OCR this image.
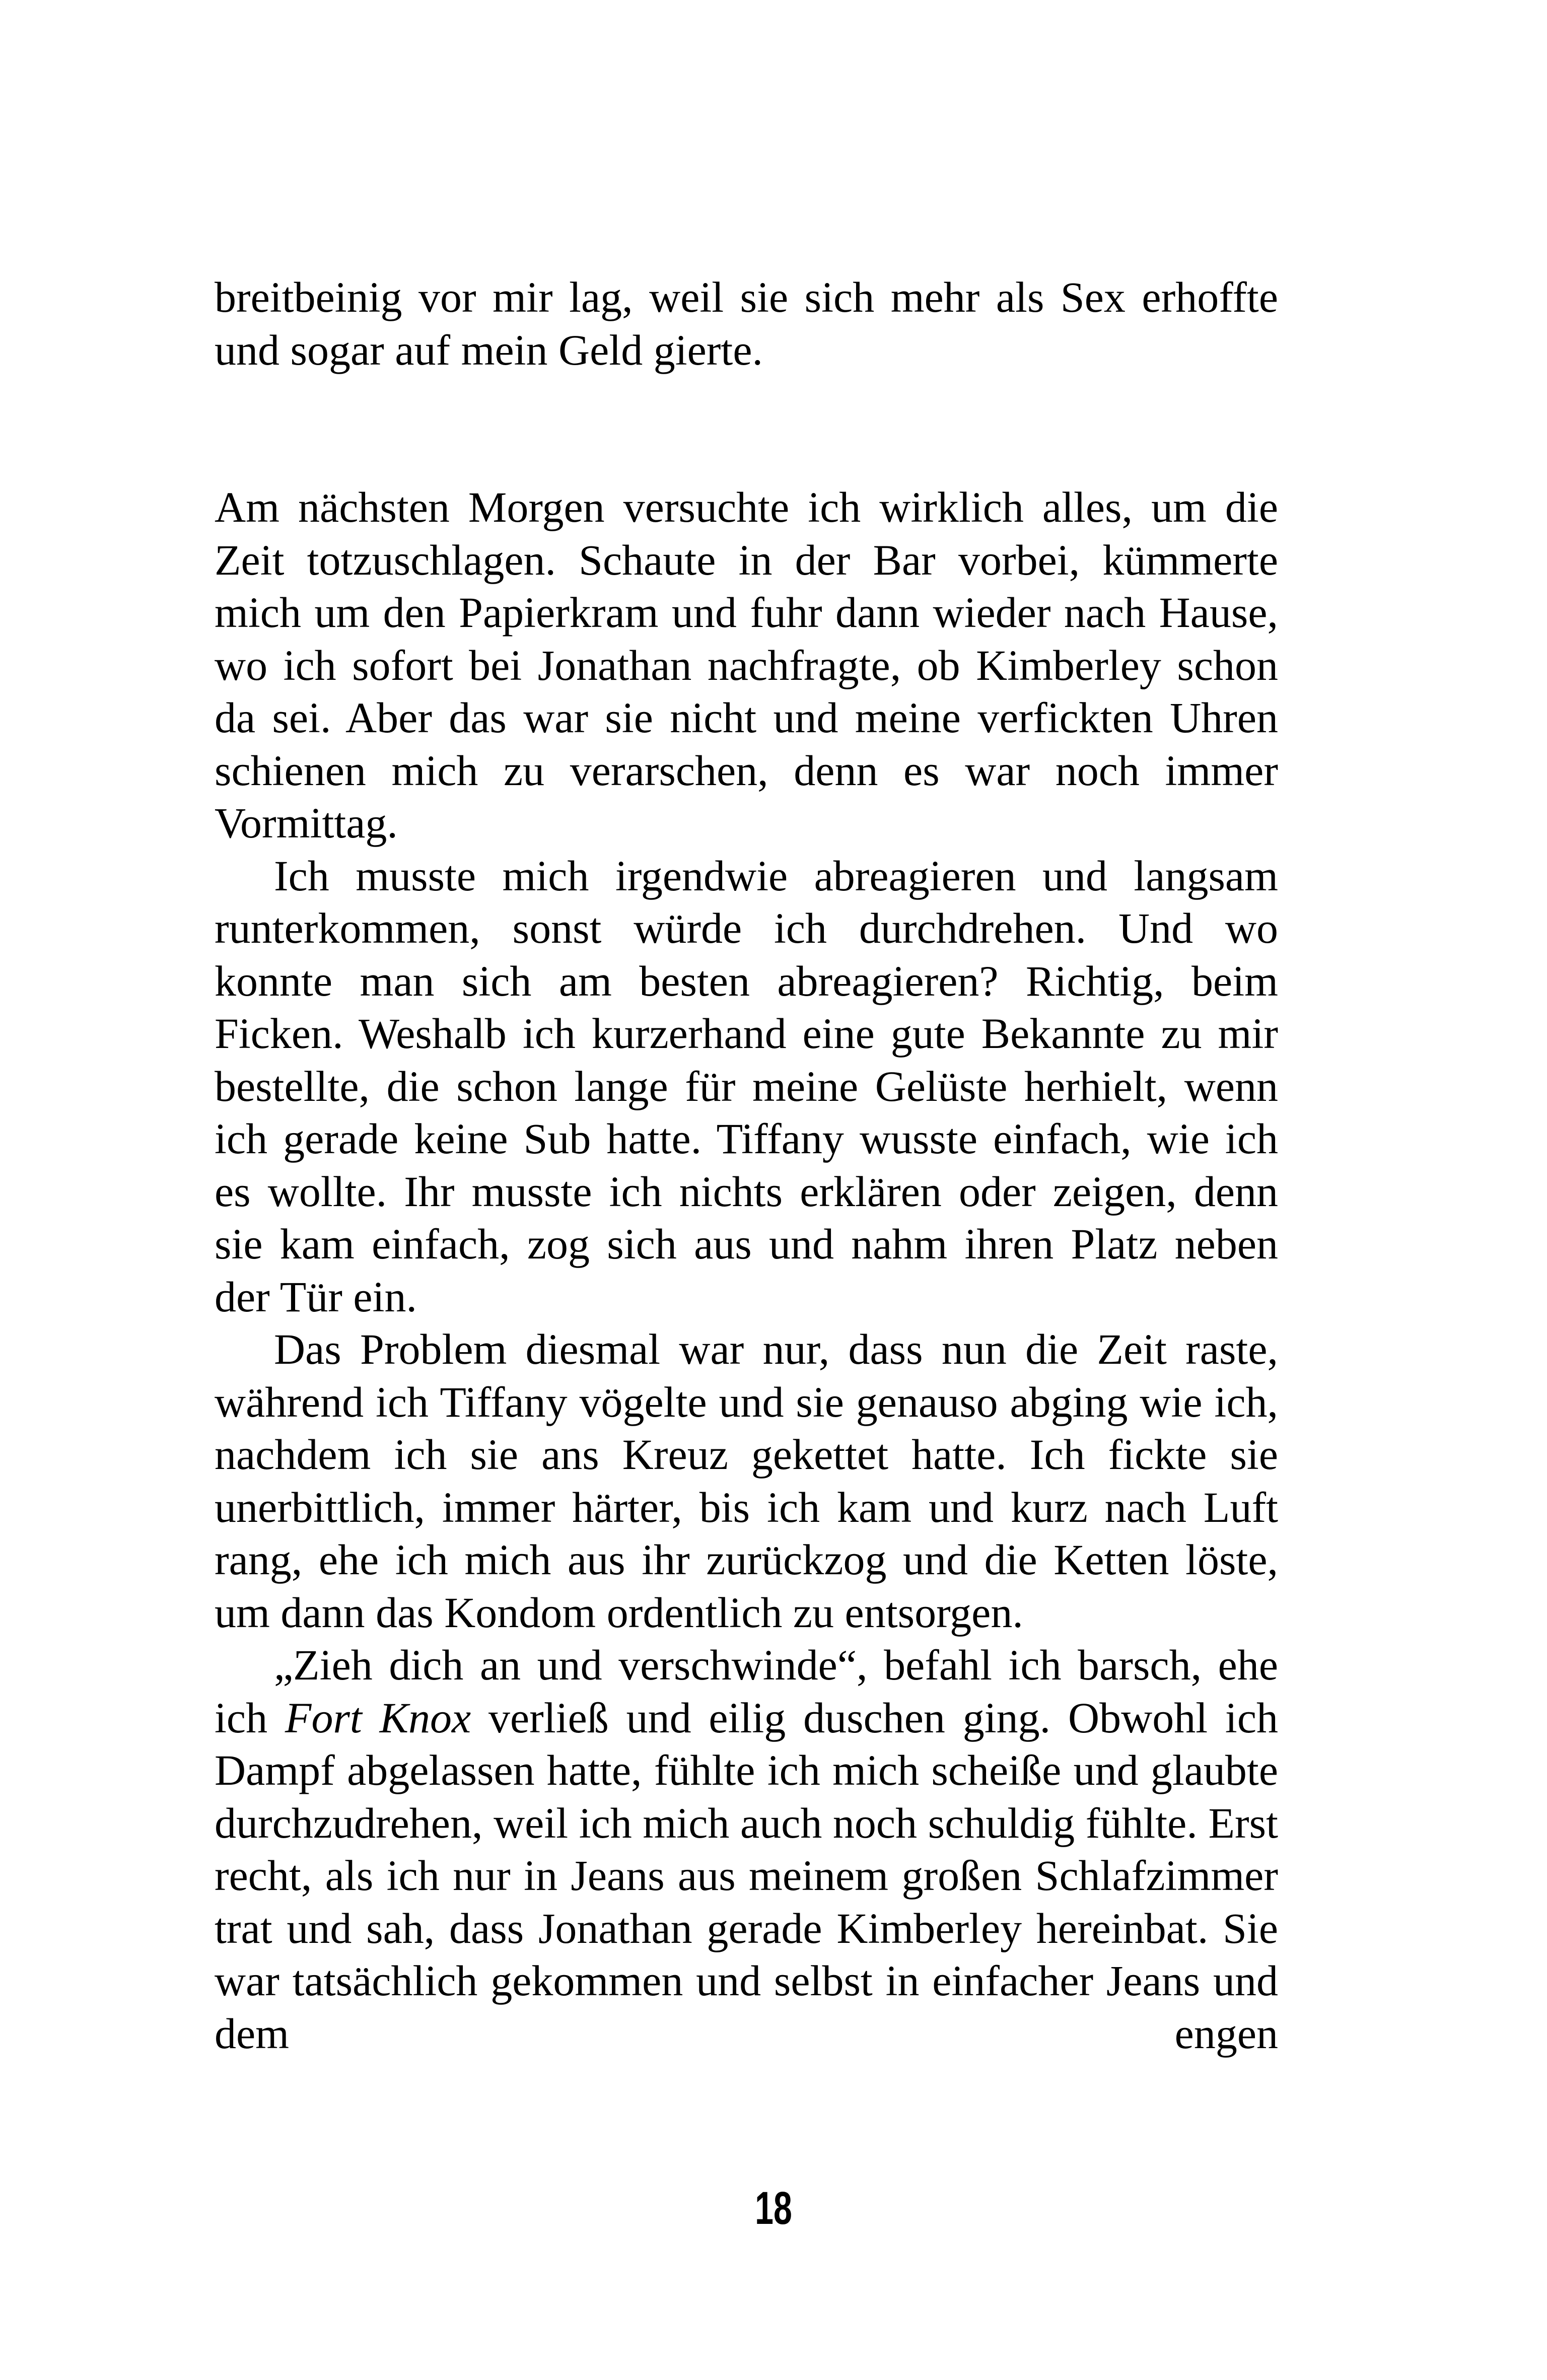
breitbeinig vor mir lag, weil sie sich mehr als Sex erhoffte und sogar auf mein Geld gierte.

Am nächsten Morgen versuchte ich wirklich alles, um die Zeit totzuschlagen. Schaute in der Bar vorbei, kümmerte mich um den Papierkram und fuhr dann wieder nach Hause, wo ich sofort bei Jonathan nachfragte, ob Kimberley schon da sei. Aber das war sie nicht und meine verfickten Uhren schienen mich zu verarschen, denn es war noch immer Vormittag.

Ich musste mich irgendwie abreagieren und langsam runterkommen, sonst würde ich durchdrehen. Und wo konnte man sich am besten abreagieren? Richtig, beim Ficken. Weshalb ich kurzerhand eine gute Bekannte zu mir bestellte, die schon lange für meine Gelüste herhielt, wenn ich gerade keine Sub hatte. Tiffany wusste einfach, wie ich es wollte. Ihr musste ich nichts erklären oder zeigen, denn sie kam einfach, zog sich aus und nahm ihren Platz neben der Tür ein.

Das Problem diesmal war nur, dass nun die Zeit raste, während ich Tiffany vögelte und sie genauso abging wie ich, nachdem ich sie ans Kreuz gekettet hatte. Ich fickte sie unerbittlich, immer härter, bis ich kam und kurz nach Luft rang, ehe ich mich aus ihr zurückzog und die Ketten löste, um dann das Kondom ordentlich zu entsorgen.

„Zieh dich an und verschwinde“, befahl ich barsch, ehe ich Fort Knox verließ und eilig duschen ging. Obwohl ich Dampf abgelassen hatte, fühlte ich mich scheiße und glaubte durchzudrehen, weil ich mich auch noch schuldig fühlte. Erst recht, als ich nur in Jeans aus meinem großen Schlafzimmer trat und sah, dass Jonathan gerade Kimberley hereinbat. Sie war tatsächlich gekommen und selbst in einfacher Jeans und dem engen

18
